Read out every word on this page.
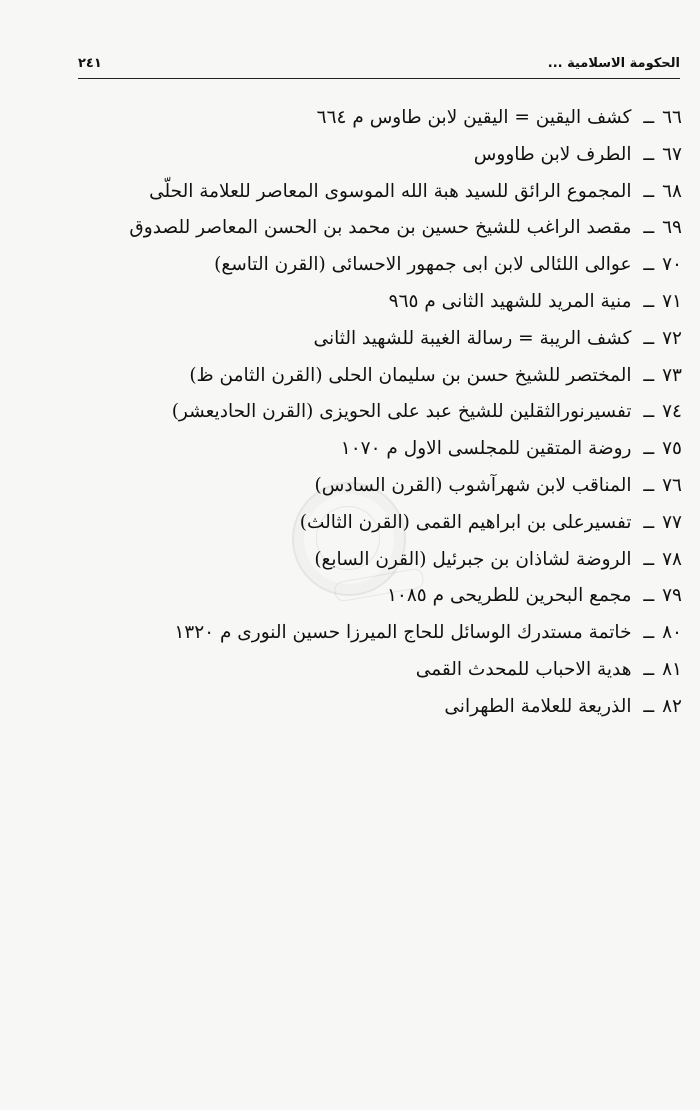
الحكومة الاسلامية ...
٢٤١
٦٦ ــ كشف اليقين = اليقين لابن طاوس م ٦٦٤
٦٧ ــ الطرف لابن طاووس
٦٨ ــ المجموع الرائق للسيد هبة الله الموسوى المعاصر للعلامة الحلّى
٦٩ ــ مقصد الراغب للشيخ حسين بن محمد بن الحسن المعاصر للصدوق
٧٠ ــ عوالى اللئالى لابن ابى جمهور الاحسائى (القرن التاسع)
٧١ ــ منية المريد للشهيد الثانى م ٩٦٥
٧٢ ــ كشف الريبة = رسالة الغيبة للشهيد الثانى
٧٣ ــ المختصر للشيخ حسن بن سليمان الحلى (القرن الثامن ظ)
٧٤ ــ تفسيرنورالثقلين للشيخ عبد على الحويزى (القرن الحاديعشر)
٧٥ ــ روضة المتقين للمجلسى الاول م ١٠٧٠
٧٦ ــ المناقب لابن شهرآشوب (القرن السادس)
٧٧ ــ تفسيرعلى بن ابراهيم القمى (القرن الثالث)
٧٨ ــ الروضة لشاذان بن جبرئيل (القرن السابع)
٧٩ ــ مجمع البحرين للطريحى م ١٠٨٥
٨٠ ــ خاتمة مستدرك الوسائل للحاج الميرزا حسين النورى م ١٣٢٠
٨١ ــ هدية الاحباب للمحدث القمى
٨٢ ــ الذريعة للعلامة الطهرانى
